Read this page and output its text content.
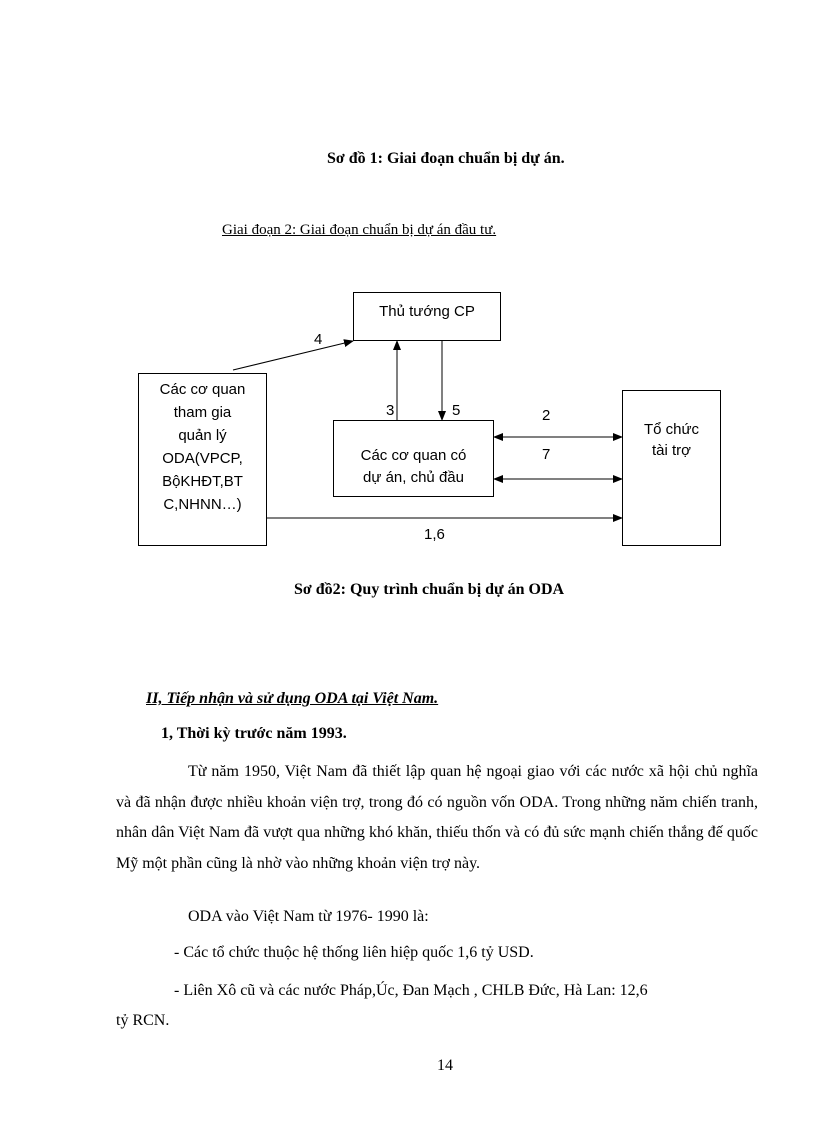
Sơ đồ 1: Giai đoạn chuẩn bị dự án.
Giai đoạn 2: Giai đoạn chuẩn bị dự án đầu tư.
Thủ tướng CP
Các cơ quan
tham gia
quản lý
ODA(VPCP,
BộKHĐT,BT
C,NHNN…)
Các cơ quan có
dự án, chủ đầu
Tổ chức
tài trợ
4
3	5	2
7
1,6
Sơ đồ2: Quy trình chuẩn bị dự án ODA
II, Tiếp nhận và sử dụng ODA tại Việt Nam.
1, Thời kỳ trước năm 1993.

Từ năm 1950, Việt Nam đã thiết lập quan hệ ngoại giao với các nước xã hội chủ nghĩa và đã nhận được nhiều khoản viện trợ, trong đó có nguồn vốn ODA. Trong những năm chiến tranh, nhân dân Việt Nam đã vượt qua những khó khăn, thiếu thốn và có đủ sức mạnh chiến thắng đế quốc Mỹ một phần cũng là nhờ vào những khoản viện trợ này.

ODA vào Việt Nam từ 1976- 1990 là:
- Các tổ chức thuộc hệ thống liên hiệp quốc 1,6 tỷ USD.
- Liên Xô cũ và các nước Pháp,Úc, Đan Mạch , CHLB Đức, Hà Lan: 12,6
tỷ RCN.
14
